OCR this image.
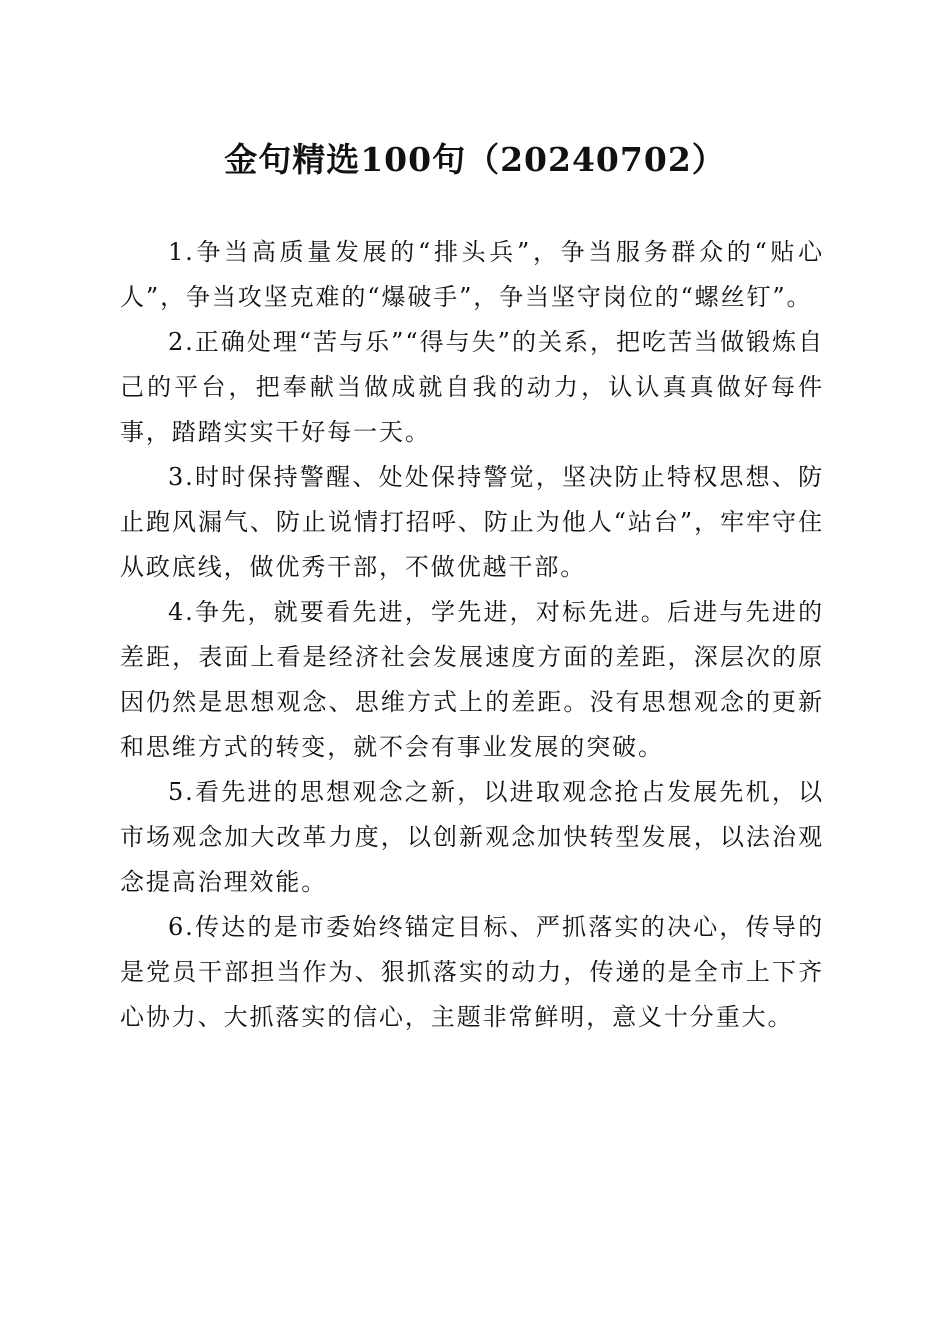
金句精选100句（20240702）

1.争当高质量发展的“排头兵”，争当服务群众的“贴心人”，争当攻坚克难的“爆破手”，争当坚守岗位的“螺丝钉”。

2.正确处理“苦与乐”“得与失”的关系，把吃苦当做锻炼自己的平台，把奉献当做成就自我的动力，认认真真做好每件事，踏踏实实干好每一天。

3.时时保持警醒、处处保持警觉，坚决防止特权思想、防止跑风漏气、防止说情打招呼、防止为他人“站台”，牢牢守住从政底线，做优秀干部，不做优越干部。

4.争先，就要看先进，学先进，对标先进。后进与先进的差距，表面上看是经济社会发展速度方面的差距，深层次的原因仍然是思想观念、思维方式上的差距。没有思想观念的更新和思维方式的转变，就不会有事业发展的突破。

5.看先进的思想观念之新，以进取观念抢占发展先机，以市场观念加大改革力度，以创新观念加快转型发展，以法治观念提高治理效能。

6.传达的是市委始终锚定目标、严抓落实的决心，传导的是党员干部担当作为、狠抓落实的动力，传递的是全市上下齐心协力、大抓落实的信心，主题非常鲜明，意义十分重大。
